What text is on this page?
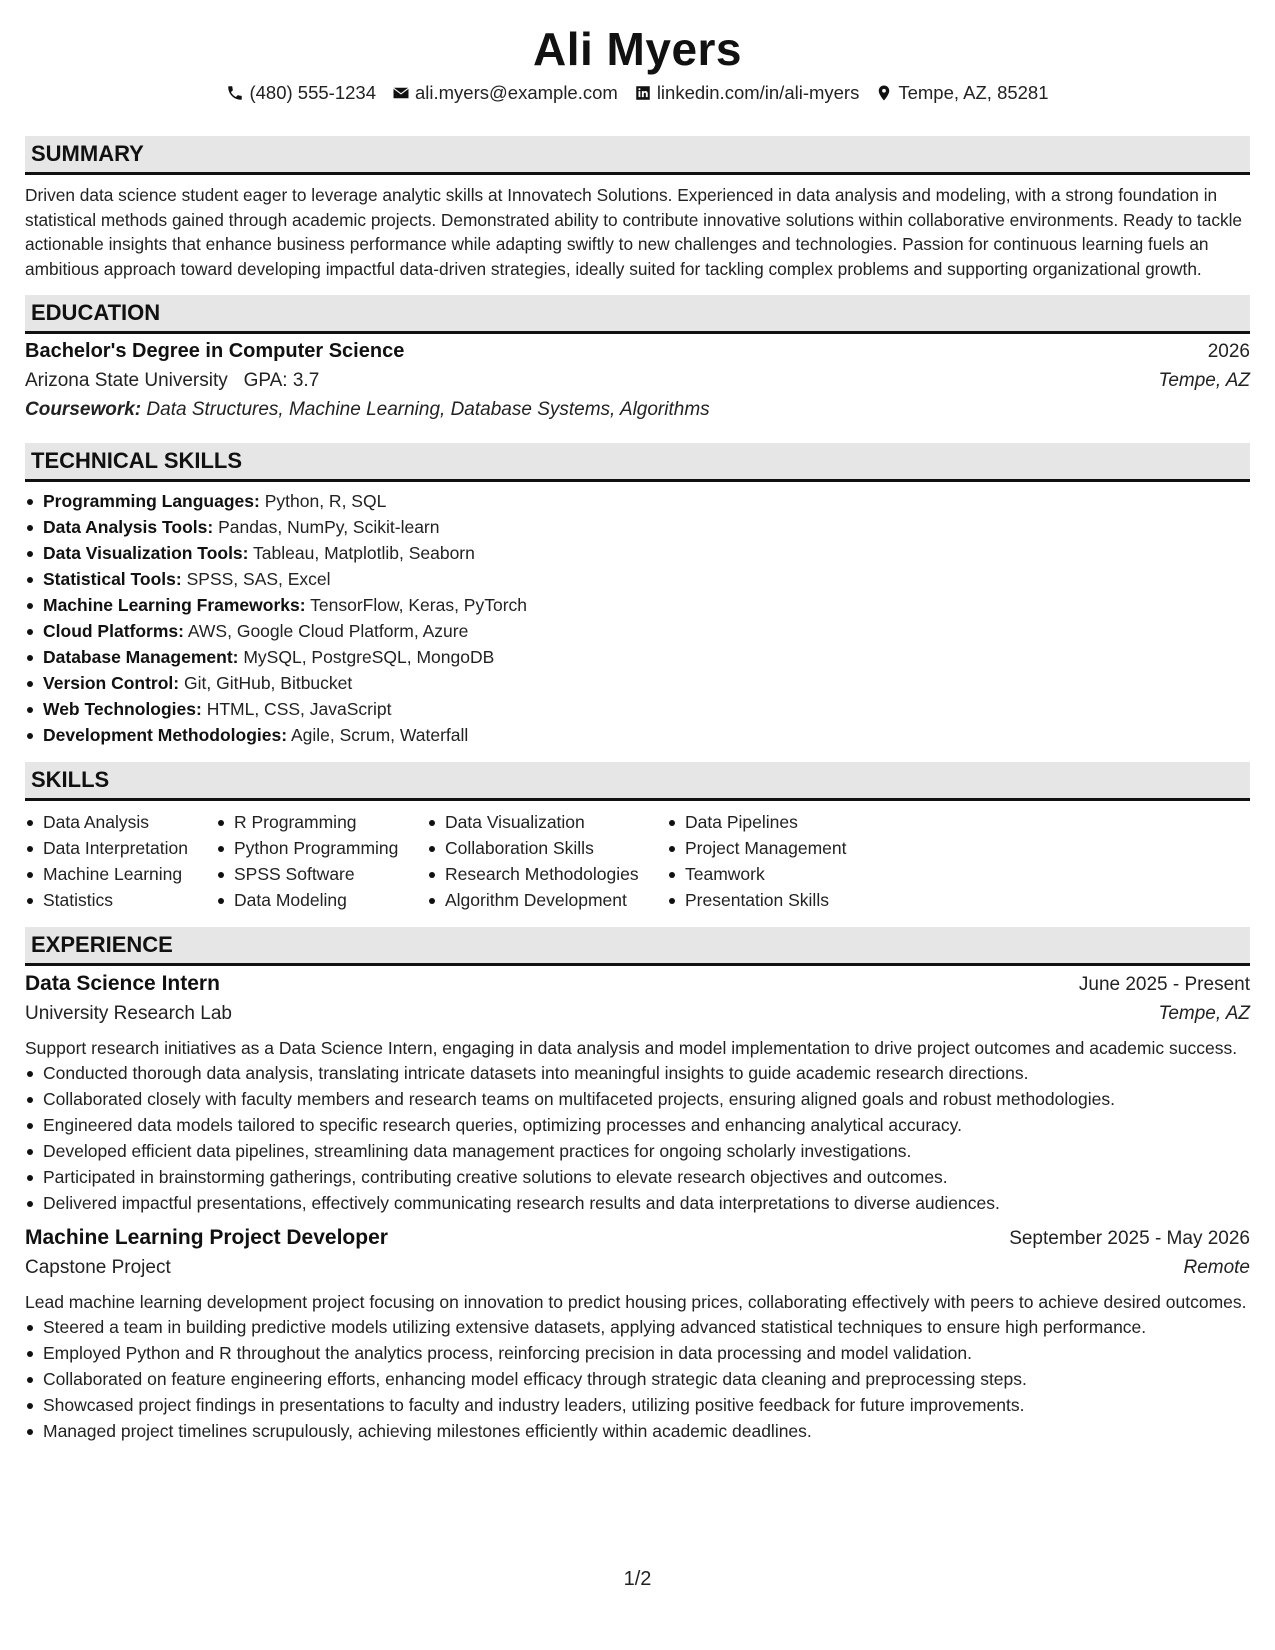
Ali Myers
(480) 555-1234 ali.myers@example.com linkedin.com/in/ali-myers Tempe, AZ, 85281
SUMMARY

Driven data science student eager to leverage analytic skills at Innovatech Solutions. Experienced in data analysis and modeling, with a strong foundation in statistical methods gained through academic projects. Demonstrated ability to contribute innovative solutions within collaborative environments. Ready to tackle actionable insights that enhance business performance while adapting swiftly to new challenges and technologies. Passion for continuous learning fuels an ambitious approach toward developing impactful data-driven strategies, ideally suited for tackling complex problems and supporting organizational growth.

EDUCATION
Bachelor's Degree in Computer Science	2026
Arizona State University GPA: 3.7	Tempe, AZ
Coursework: Data Structures, Machine Learning, Database Systems, Algorithms
TECHNICAL SKILLS
Programming Languages: Python, R, SQL
Data Analysis Tools: Pandas, NumPy, Scikit-learn
Data Visualization Tools: Tableau, Matplotlib, Seaborn
Statistical Tools: SPSS, SAS, Excel
Machine Learning Frameworks: TensorFlow, Keras, PyTorch
Cloud Platforms: AWS, Google Cloud Platform, Azure
Database Management: MySQL, PostgreSQL, MongoDB
Version Control: Git, GitHub, Bitbucket
Web Technologies: HTML, CSS, JavaScript
Development Methodologies: Agile, Scrum, Waterfall
SKILLS
Data Analysis
Data Interpretation
Machine Learning
Statistics
R Programming
Python Programming
SPSS Software
Data Modeling
Data Visualization
Collaboration Skills
Research Methodologies
Algorithm Development
Data Pipelines
Project Management
Teamwork
Presentation Skills
EXPERIENCE
Data Science Intern	June 2025 - Present
University Research Lab	Tempe, AZ

Support research initiatives as a Data Science Intern, engaging in data analysis and model implementation to drive project outcomes and academic success.

Conducted thorough data analysis, translating intricate datasets into meaningful insights to guide academic research directions.
Collaborated closely with faculty members and research teams on multifaceted projects, ensuring aligned goals and robust methodologies.
Engineered data models tailored to specific research queries, optimizing processes and enhancing analytical accuracy.
Developed efficient data pipelines, streamlining data management practices for ongoing scholarly investigations.
Participated in brainstorming gatherings, contributing creative solutions to elevate research objectives and outcomes.
Delivered impactful presentations, effectively communicating research results and data interpretations to diverse audiences.
Machine Learning Project Developer	September 2025 - May 2026
Capstone Project	Remote

Lead machine learning development project focusing on innovation to predict housing prices, collaborating effectively with peers to achieve desired outcomes.

Steered a team in building predictive models utilizing extensive datasets, applying advanced statistical techniques to ensure high performance.
Employed Python and R throughout the analytics process, reinforcing precision in data processing and model validation.
Collaborated on feature engineering efforts, enhancing model efficacy through strategic data cleaning and preprocessing steps.
Showcased project findings in presentations to faculty and industry leaders, utilizing positive feedback for future improvements.
Managed project timelines scrupulously, achieving milestones efficiently within academic deadlines.
1/2
